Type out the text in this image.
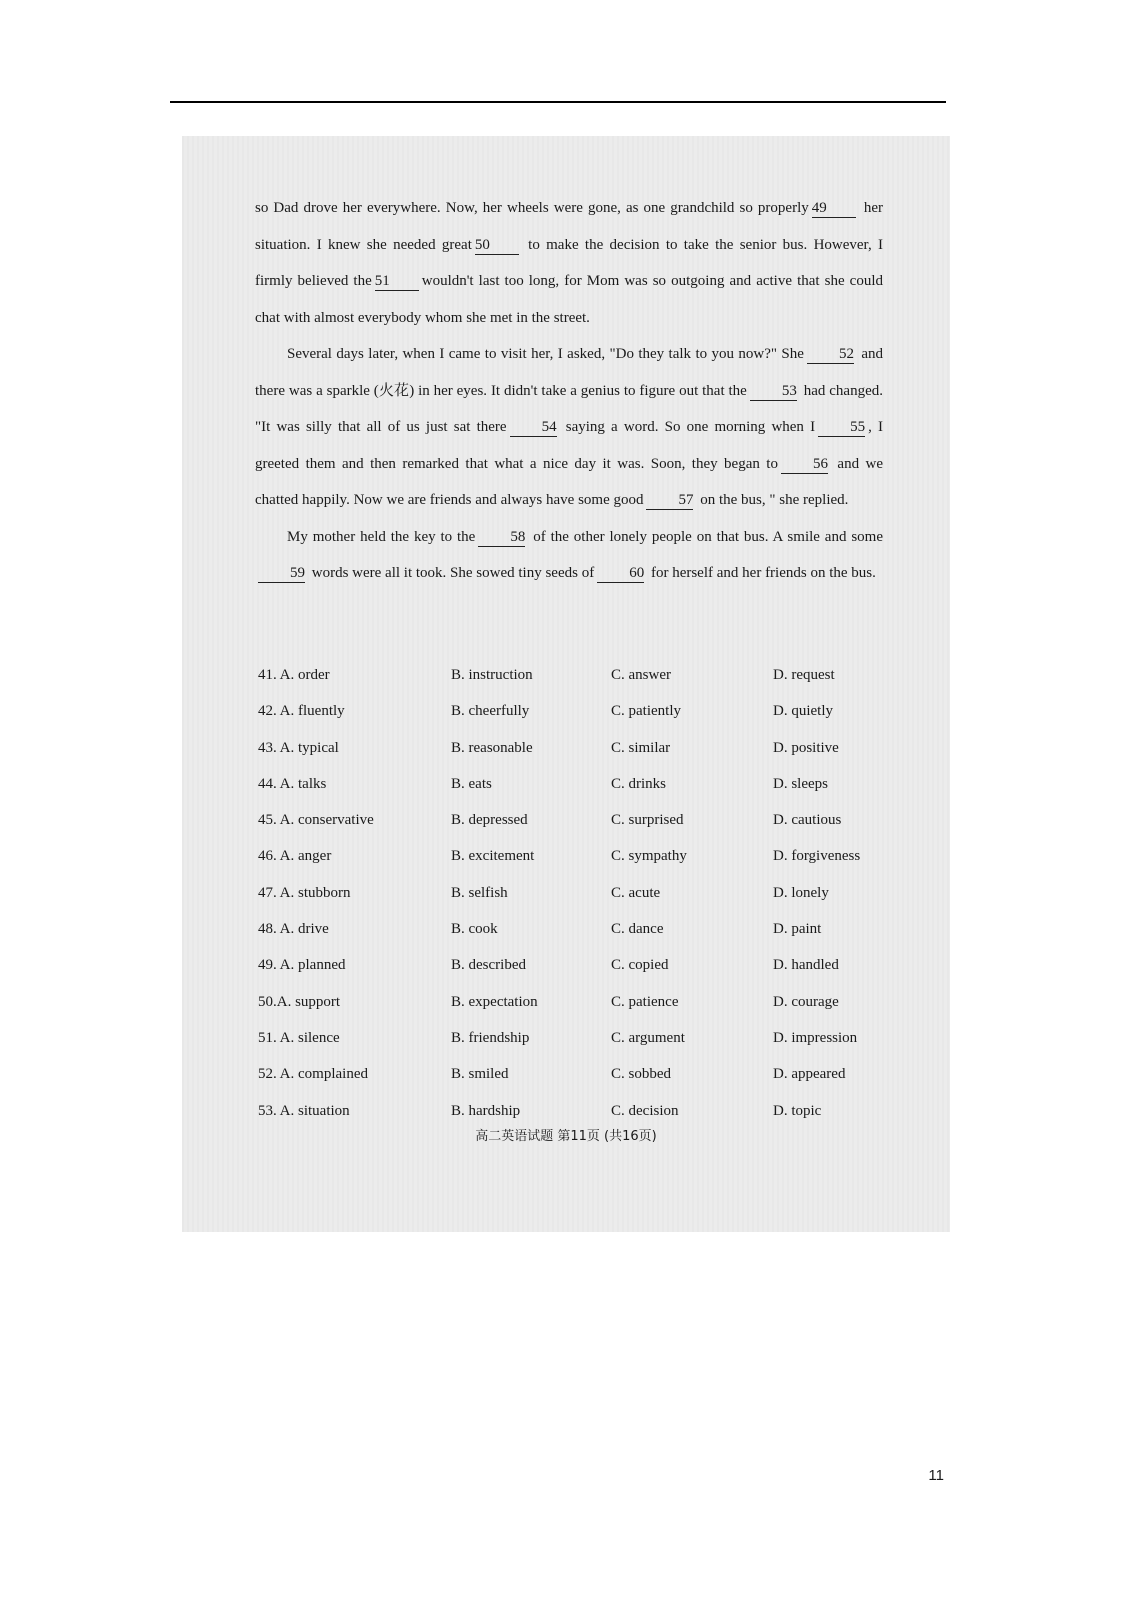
so Dad drove her everywhere. Now, her wheels were gone, as one grandchild so properly 49 her situation. I knew she needed great 50	to make the decision to take the senior bus. However, I firmly believed the 51 wouldn't last too long, for Mom was so outgoing and active that she could chat with almost everybody whom she met in the street.

Several days later, when I came to visit her, I asked, "Do they talk to you now?" She 52 and there was a sparkle (火花) in her eyes. It didn't take a genius to figure out that the 53 had changed. "It was silly that all of us just sat there 54 saying a word. So one morning when I 55 , I greeted them and then remarked that what a nice day it was. Soon, they began to 56 and we chatted happily. Now we are friends and always have some good 57 on the bus, " she replied.

My mother held the key to the 58 of the other lonely people on that bus. A smile and some59 words were all it took. She sowed tiny seeds of 60 for herself and her friends on the bus.

41. A. order	B. instruction	C. answer	D. request
42. A. fluently	B. cheerfully	C. patiently	D. quietly
43. A. typical	B. reasonable	C. similar	D. positive
44. A. talks	B. eats	C. drinks	D. sleeps
45. A. conservative	B. depressed	C. surprised	D. cautious
46. A. anger	B. excitement	C. sympathy	D. forgiveness
47. A. stubborn	B. selfish	C. acute	D. lonely
48. A. drive	B. cook	C. dance	D. paint
49. A. planned	B. described	C. copied	D. handled
50.A. support	B. expectation	C. patience	D. courage
51. A. silence	B. friendship	C. argument	D. impression
52. A. complained	B. smiled	C. sobbed	D. appeared
53. A. situation	B. hardship	C. decision	D. topic
高二英语试题 第11页 (共16页)
11
